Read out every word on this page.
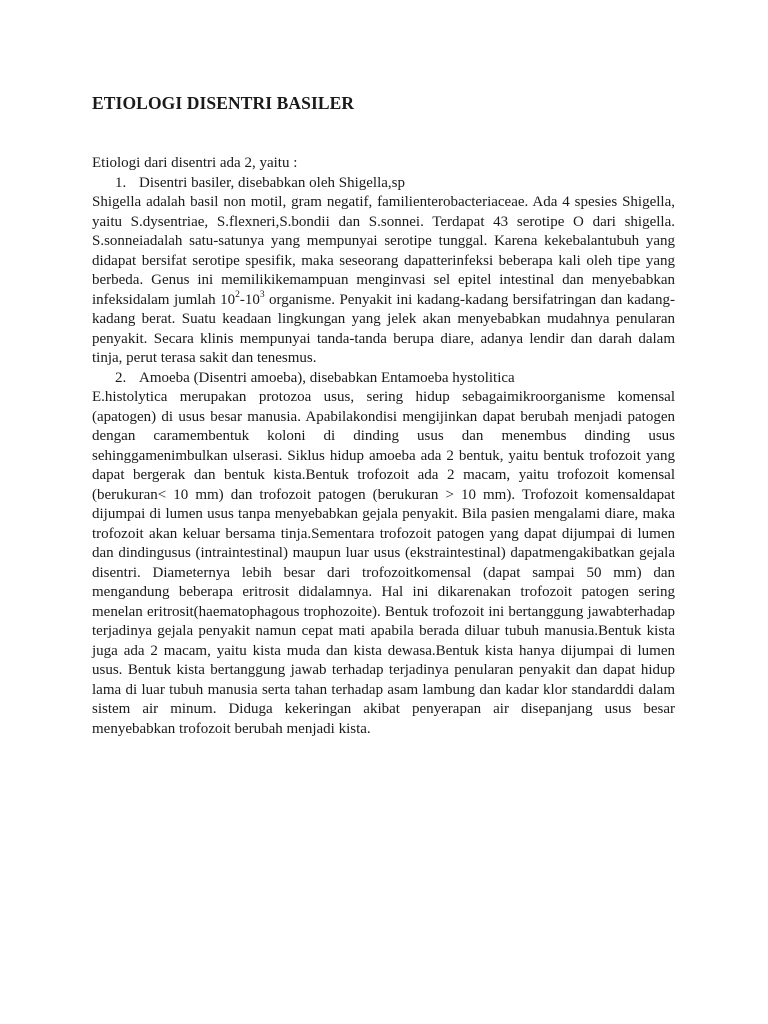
ETIOLOGI DISENTRI BASILER

Etiologi dari disentri ada 2, yaitu :

1. Disentri basiler, disebabkan oleh Shigella,sp

Shigella adalah basil non motil, gram negatif, familienterobacteriaceae. Ada 4 spesies Shigella, yaitu S.dysentriae, S.flexneri,S.bondii dan S.sonnei. Terdapat 43 serotipe O dari shigella. S.sonneiadalah satu-satunya yang mempunyai serotipe tunggal. Karena kekebalantubuh yang didapat bersifat serotipe spesifik, maka seseorang dapatterinfeksi beberapa kali oleh tipe yang berbeda. Genus ini memilikikemampuan menginvasi sel epitel intestinal dan menyebabkan infeksidalam jumlah $10^2-10^3$ organisme. Penyakit ini kadang-kadang bersifatringan dan kadang-kadang berat. Suatu keadaan lingkungan yang jelek akan menyebabkan mudahnya penularan penyakit. Secara klinis mempunyai tanda-tanda berupa diare, adanya lendir dan darah dalam tinja, perut terasa sakit dan tenesmus.

2. Amoeba (Disentri amoeba), disebabkan Entamoeba hystolitica

E.histolytica merupakan protozoa usus, sering hidup sebagaimikroorganisme komensal (apatogen) di usus besar manusia. Apabilakondisi mengijinkan dapat berubah menjadi patogen dengan caramembentuk koloni di dinding usus dan menembus dinding usus sehinggamenimbulkan ulserasi. Siklus hidup amoeba ada 2 bentuk, yaitu bentuk trofozoit yang dapat bergerak dan bentuk kista.Bentuk trofozoit ada 2 macam, yaitu trofozoit komensal (berukuran< 10 mm) dan trofozoit patogen (berukuran > 10 mm). Trofozoit komensaldapat dijumpai di lumen usus tanpa menyebabkan gejala penyakit. Bila pasien mengalami diare, maka trofozoit akan keluar bersama tinja.Sementara trofozoit patogen yang dapat dijumpai di lumen dan dindingusus (intraintestinal) maupun luar usus (ekstraintestinal) dapatmengakibatkan gejala disentri. Diameternya lebih besar dari trofozoitkomensal (dapat sampai 50 mm) dan mengandung beberapa eritrosit didalamnya. Hal ini dikarenakan trofozoit patogen sering menelan eritrosit(haematophagous trophozoite). Bentuk trofozoit ini bertanggung jawabterhadap terjadinya gejala penyakit namun cepat mati apabila berada diluar tubuh manusia.Bentuk kista juga ada 2 macam, yaitu kista muda dan kista dewasa.Bentuk kista hanya dijumpai di lumen usus. Bentuk kista bertanggung jawab terhadap terjadinya penularan penyakit dan dapat hidup lama di luar tubuh manusia serta tahan terhadap asam lambung dan kadar klor standarddi dalam sistem air minum. Diduga kekeringan akibat penyerapan air disepanjang usus besar menyebabkan trofozoit berubah menjadi kista.
